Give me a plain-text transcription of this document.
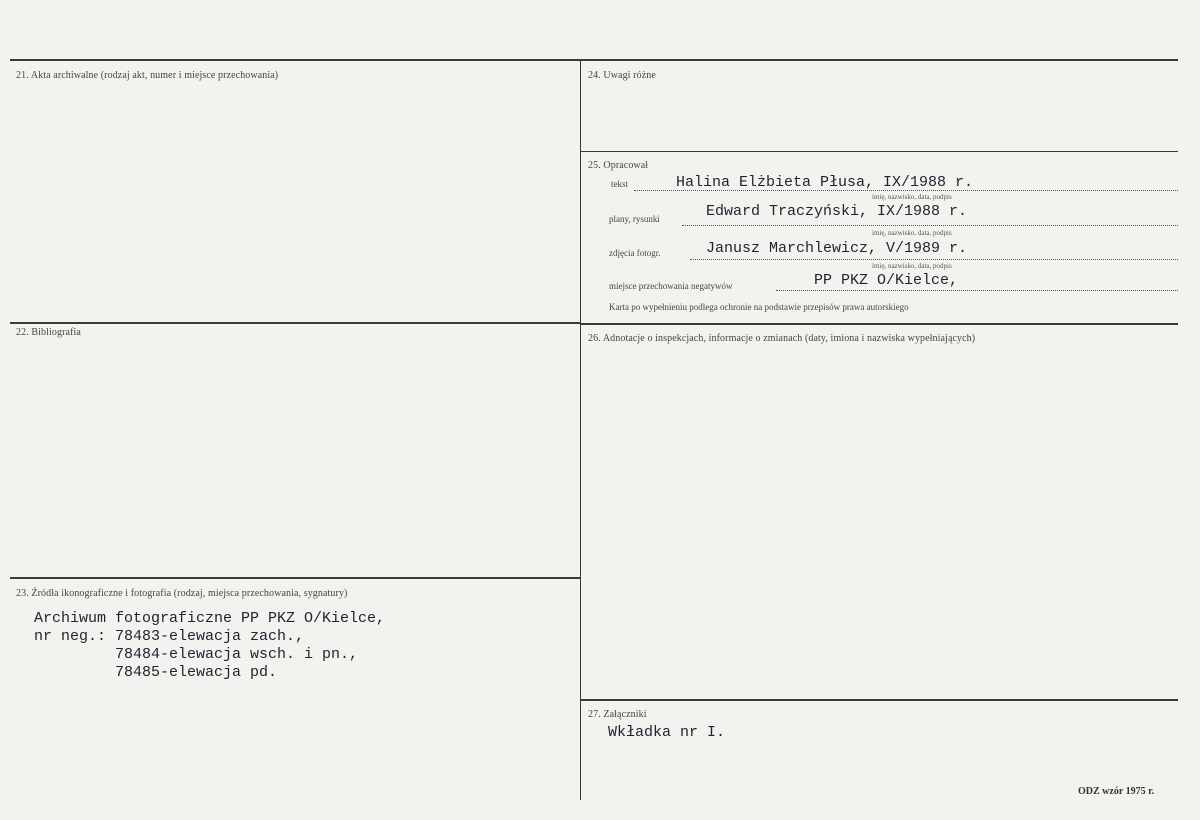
21. Akta archiwalne (rodzaj akt, numer i miejsce przechowania)
22. Bibliografia
23. Źródła ikonograficzne i fotografia (rodzaj, miejsca przechowania, sygnatury)
Archiwum fotograficzne PP PKZ O/Kielce,
nr neg.: 78483-elewacja zach.,
78484-elewacja wsch. i pn.,
78485-elewacja pd.
24. Uwagi różne
25. Opracował
tekst	Halina Elżbieta Płusa, IX/1988 r.
imię, nazwisko, data, podpis
plany, rysunki	Edward Traczyński, IX/1988 r.
imię, nazwisko, data, podpis
zdjęcia fotogr.	Janusz Marchlewicz, V/1989 r.
imię, nazwisko, data, podpis
miejsce przechowania negatywów	PP PKZ O/Kielce,
Karta po wypełnieniu podlega ochronie na podstawie przepisów prawa autorskiego
26. Adnotacje o inspekcjach, informacje o zmianach (daty, imiona i nazwiska wypełniających)
27. Załączniki
Wkładka nr I.
ODZ wzór 1975 r.
